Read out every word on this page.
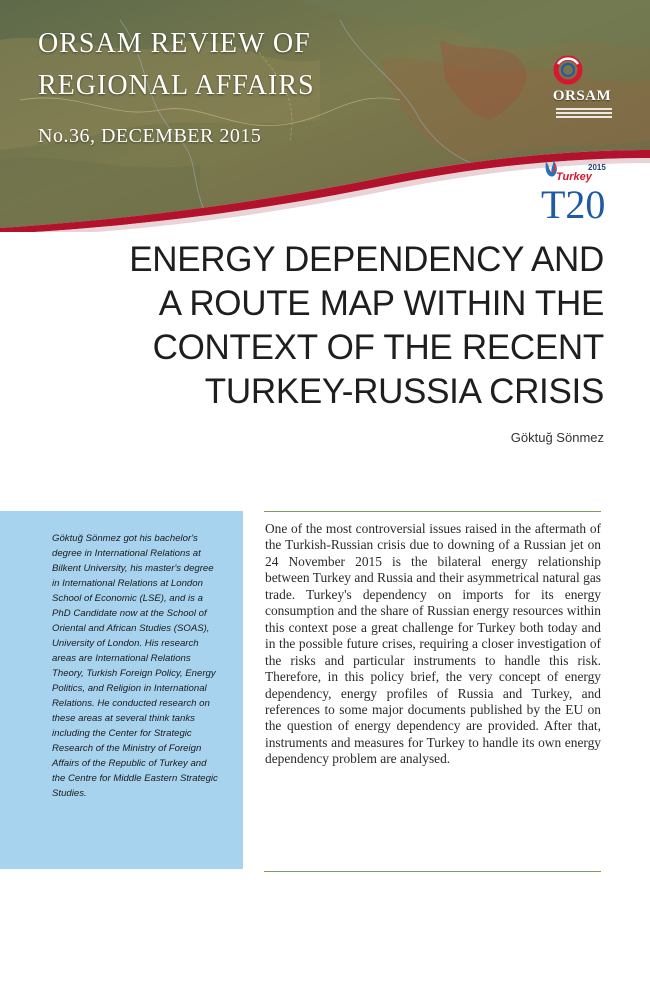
ORSAM REVIEW OF
REGIONAL AFFAIRS
No.36, DECEMBER 2015
ORSAM
2015
Turkey
T20
ENERGY DEPENDENCY AND
A ROUTE MAP WITHIN THE
CONTEXT OF THE RECENT
TURKEY-RUSSIA CRISIS
Göktuğ Sönmez
Göktuğ Sönmez got his bachelor's degree in International Relations at Bilkent University, his master's degree in International Relations at London School of Economic (LSE), and is a PhD Candidate now at the School of Oriental and African Studies (SOAS), University of London. His research areas are International Relations Theory, Turkish Foreign Policy, Energy Politics, and Religion in International Relations. He conducted research on these areas at several think tanks including the Center for Strategic Research of the Ministry of Foreign Affairs of the Republic of Turkey and the Centre for Middle Eastern Strategic Studies.
One of the most controversial issues raised in the aftermath of the Turkish-Russian crisis due to downing of a Russian jet on 24 November 2015 is the bilateral energy relationship between Turkey and Russia and their asymmetrical natural gas trade. Turkey's dependency on imports for its energy consumption and the share of Russian energy resources within this context pose a great challenge for Turkey both today and in the possible future crises, requiring a closer investigation of the risks and particular instruments to handle this risk. Therefore, in this policy brief, the very concept of energy dependency, energy profiles of Russia and Turkey, and references to some major documents published by the EU on the question of energy dependency are provided. After that, instruments and measures for Turkey to handle its own energy dependency problem are analysed.
